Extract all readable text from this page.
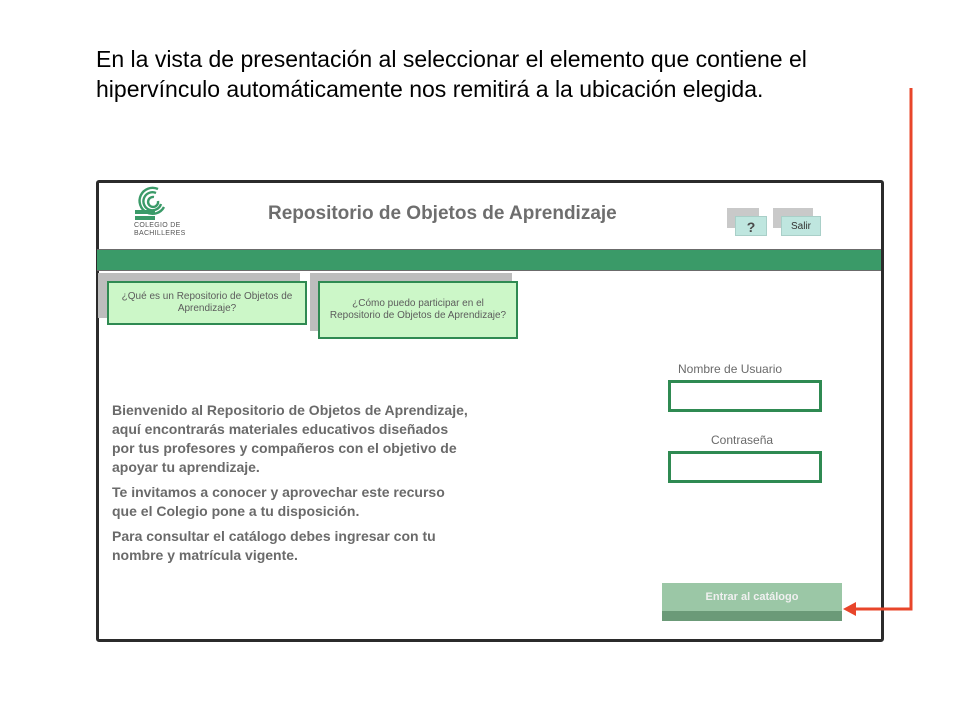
En la vista de presentación al seleccionar el elemento que contiene el hipervínculo automáticamente nos remitirá a la ubicación elegida.

COLEGIO DE
BACHILLERES
Repositorio de Objetos de Aprendizaje
?	Salir
¿Qué es un Repositorio de Objetos de Aprendizaje?	¿Cómo puedo participar en el Repositorio de Objetos de Aprendizaje?

Bienvenido al Repositorio de Objetos de Aprendizaje, aquí encontrarás materiales educativos diseñados por tus profesores y compañeros con el objetivo de apoyar tu aprendizaje.

Te invitamos a conocer y aprovechar este recurso que el Colegio pone a tu disposición.

Para consultar el catálogo debes ingresar con tu nombre y matrícula vigente.

Nombre de Usuario
Contraseña
Entrar al catálogo
